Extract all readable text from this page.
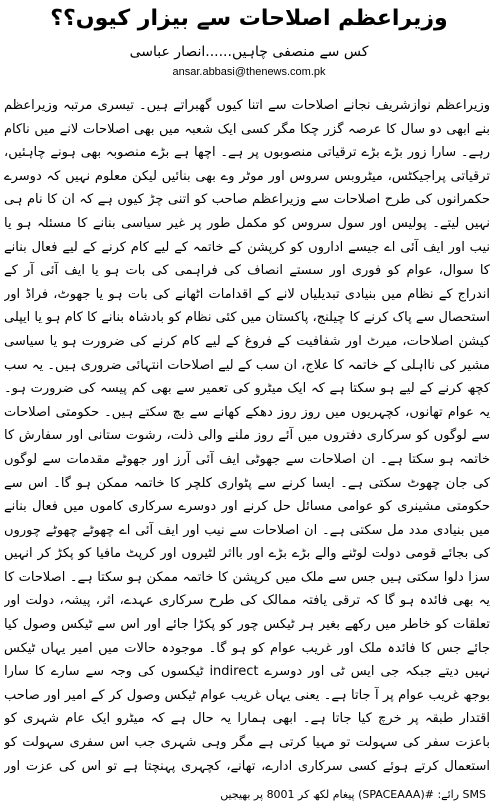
وزیراعظم اصلاحات سے بیزار کیوں؟؟
کس سے منصفی چاہیں......انصار عباسی
ansar.abbasi@thenews.com.pk

وزیراعظم نوازشریف نجانے اصلاحات سے اتنا کیوں گھبراتے ہیں۔ تیسری مرتبہ وزیراعظم بنے ابھی دو سال کا عرصہ گزر چکا مگر کسی ایک شعبہ میں بھی اصلاحات لانے میں ناکام رہے۔ سارا زور بڑے بڑے ترقیاتی منصوبوں پر ہے۔ اچھا ہے بڑے منصوبہ بھی ہونے چاہئیں، ترقیاتی پراجیکٹس، میٹروبس سروس اور موٹر وے بھی بنائیں لیکن معلوم نہیں کہ دوسرے حکمرانوں کی طرح اصلاحات سے وزیراعظم صاحب کو اتنی چڑ کیوں ہے کہ ان کا نام ہی نہیں لیتے۔ پولیس اور سول سروس کو مکمل طور پر غیر سیاسی بنانے کا مسئلہ ہو یا نیب اور ایف آئی اے جیسے اداروں کو کرپشن کے خاتمہ کے لیے کام کرنے کے لیے فعال بنانے کا سوال، عوام کو فوری اور سستے انصاف کی فراہمی کی بات ہو یا ایف آئی آر کے اندراج کے نظام میں بنیادی تبدیلیاں لانے کے اقدامات اٹھانے کی بات ہو یا جھوٹ، فراڈ اور استحصال سے پاک کرنے کا چیلنج، پاکستان میں کئی نظام کو بادشاہ بنانے کا کام ہو یا ایپلی کیشن اصلاحات، میرٹ اور شفافیت کے فروغ کے لیے کام کرنے کی ضرورت ہو یا سیاسی مشیر کی نااہلی کے خاتمہ کا علاج، ان سب کے لیے اصلاحات انتہائی ضروری ہیں۔ یہ سب کچھ کرنے کے لیے ہو سکتا ہے کہ ایک میٹرو کی تعمیر سے بھی کم پیسہ کی ضرورت ہو۔ یہ عوام تھانوں، کچہریوں میں روز روز دھکے کھانے سے بچ سکتے ہیں۔ حکومتی اصلاحات سے لوگوں کو سرکاری دفتروں میں آئے روز ملنے والی ذلت، رشوت ستانی اور سفارش کا خاتمہ ہو سکتا ہے۔ ان اصلاحات سے جھوٹی ایف آئی آرز اور جھوٹے مقدمات سے لوگوں کی جان چھوٹ سکتی ہے۔ ایسا کرنے سے پٹواری کلچر کا خاتمہ ممکن ہو گا۔ اس سے حکومتی مشینری کو عوامی مسائل حل کرنے اور دوسرے سرکاری کاموں میں فعال بنانے میں بنیادی مدد مل سکتی ہے۔ ان اصلاحات سے نیب اور ایف آئی اے چھوٹے چھوٹے چوروں کی بجائے قومی دولت لوٹنے والے بڑے بڑے اور بااثر لٹیروں اور کرپٹ مافیا کو پکڑ کر انہیں سزا دلوا سکتی ہیں جس سے ملک میں کرپشن کا خاتمہ ممکن ہو سکتا ہے۔ اصلاحات کا یہ بھی فائدہ ہو گا کہ ترقی یافتہ ممالک کی طرح سرکاری عہدے، اثر، پیشہ، دولت اور تعلقات کو خاطر میں رکھے بغیر ہر ٹیکس چور کو پکڑا جائے اور اس سے ٹیکس وصول کیا جائے جس کا فائدہ ملک اور غریب عوام کو ہو گا۔ موجودہ حالات میں امیر یہاں ٹیکس نہیں دیتے جبکہ جی ایس ٹی اور دوسرے indirect ٹیکسوں کی وجہ سے سارے کا سارا بوجھ غریب عوام پر آ جاتا ہے۔ یعنی یہاں غریب عوام ٹیکس وصول کر کے امیر اور صاحب اقتدار طبقہ پر خرچ کیا جاتا ہے۔ ابھی ہمارا یہ حال ہے کہ میٹرو ایک عام شہری کو باعزت سفر کی سہولت تو مہیا کرتی ہے مگر وہی شہری جب اس سفری سہولت کو استعمال کرتے ہوئے کسی سرکاری ادارے، تھانے، کچہری پہنچتا ہے تو اس کی عزت اور

SMS رائے: #(SPACEAAA) پیغام لکھ کر 8001 پر بھیجیں
